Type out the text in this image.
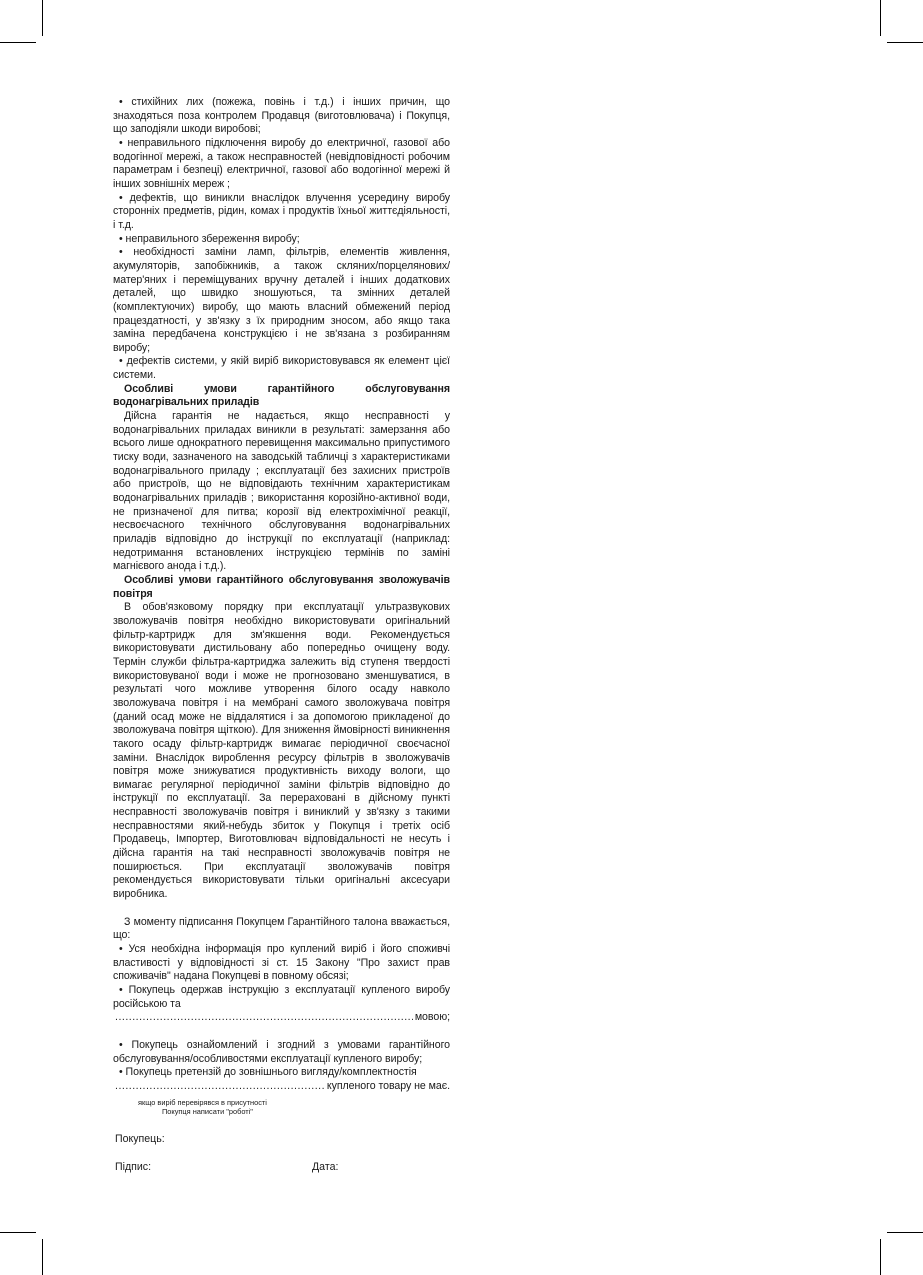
• стихійних лих (пожежа, повінь і т.д.) і інших причин, що знаходяться поза контролем Продавця (виготовлювача) і Покупця, що заподіяли шкоди виробові;

• неправильного підключення виробу до електричної, газової або водогінної мережі, а також несправностей (невідповідності робочим параметрам і безпеці) електричної, газової або водогінної мережі й інших зовнішніх мереж ;

• дефектів, що виникли внаслідок влучення усередину виробу сторонніх предметів, рідин, комах і продуктів їхньої життєдіяльності, і т.д.

• неправильного збереження виробу;

• необхідності заміни ламп, фільтрів, елементів живлення, акумуляторів, запобіжників, а також скляних/порцелянових/матер'яних і переміщуваних вручну деталей і інших додаткових деталей, що швидко зношуються, та змінних деталей (комплектуючих) виробу, що мають власний обмежений період працездатності, у зв'язку з їх природним зносом, або якщо така заміна передбачена конструкцією і не зв'язана з розбиранням виробу;

• дефектів системи, у якій виріб використовувався як елемент цієї системи.

Особливі умови гарантійного обслуговування водонагрівальних приладів

Дійсна гарантія не надається, якщо несправності у водонагрівальних приладах виникли в результаті: замерзання або всього лише однократного перевищення максимально припустимого тиску води, зазначеного на заводській табличці з характеристиками водонагрівального приладу ; експлуатації без захисних пристроїв або пристроїв, що не відповідають технічним характеристикам водонагрівальних приладів ; використання корозійно-активної води, не призначеної для питва; корозії від електрохімічної реакції, несвоєчасного технічного обслуговування водонагрівальних приладів відповідно до інструкції по експлуатації (наприклад: недотримання встановлених інструкцією термінів по заміні магнієвого анода і т.д.).

Особливі умови гарантійного обслуговування зволожувачів повітря

В обов'язковому порядку при експлуатації ультразвукових зволожувачів повітря необхідно використовувати оригінальний фільтр-картридж для зм'якшення води. Рекомендується використовувати дистильовану або попередньо очищену воду. Термін служби фільтра-картриджа залежить від ступеня твердості використовуваної води і може не прогнозовано зменшуватися, в результаті чого можливе утворення білого осаду навколо зволожувача повітря і на мембрані самого зволожувача повітря (даний осад може не віддалятися і за допомогою прикладеної до зволожувача повітря щіткою). Для зниження ймовірності виникнення такого осаду фільтр-картридж вимагає періодичної своєчасної заміни. Внаслідок вироблення ресурсу фільтрів в зволожувачів повітря може знижуватися продуктивність виходу вологи, що вимагає регулярної періодичної заміни фільтрів відповідно до інструкції по експлуатації. За перераховані в дійсному пункті несправності зволожувачів повітря і виниклий у зв'язку з такими несправностями який-небудь збиток у Покупця і третіх осіб Продавець, Імпортер, Виготовлювач відповідальності не несуть і дійсна гарантія на такі несправності зволожувачів повітря не поширюється. При експлуатації зволожувачів повітря рекомендується використовувати тільки оригінальні аксесуари виробника.

З моменту підписання Покупцем Гарантійного талона вважається, що:

• Уся необхідна інформація про куплений виріб і його споживчі властивості у відповідності зі ст. 15 Закону "Про захист прав споживачів" надана Покупцеві в повному обсязі;

• Покупець одержав інструкцію з експлуатації купленого виробу російською та

.....
мовою;

• Покупець ознайомлений і згодний з умовами гарантійного обслуговування/особливостями експлуатації купленого виробу;

• Покупець претензій до зовнішнього вигляду/комплектностія

.....
купленого товару не має.
якщо виріб перевірявся в присутності
Покупця написати "роботі"
Покупець:
Підпис:	Дата:
